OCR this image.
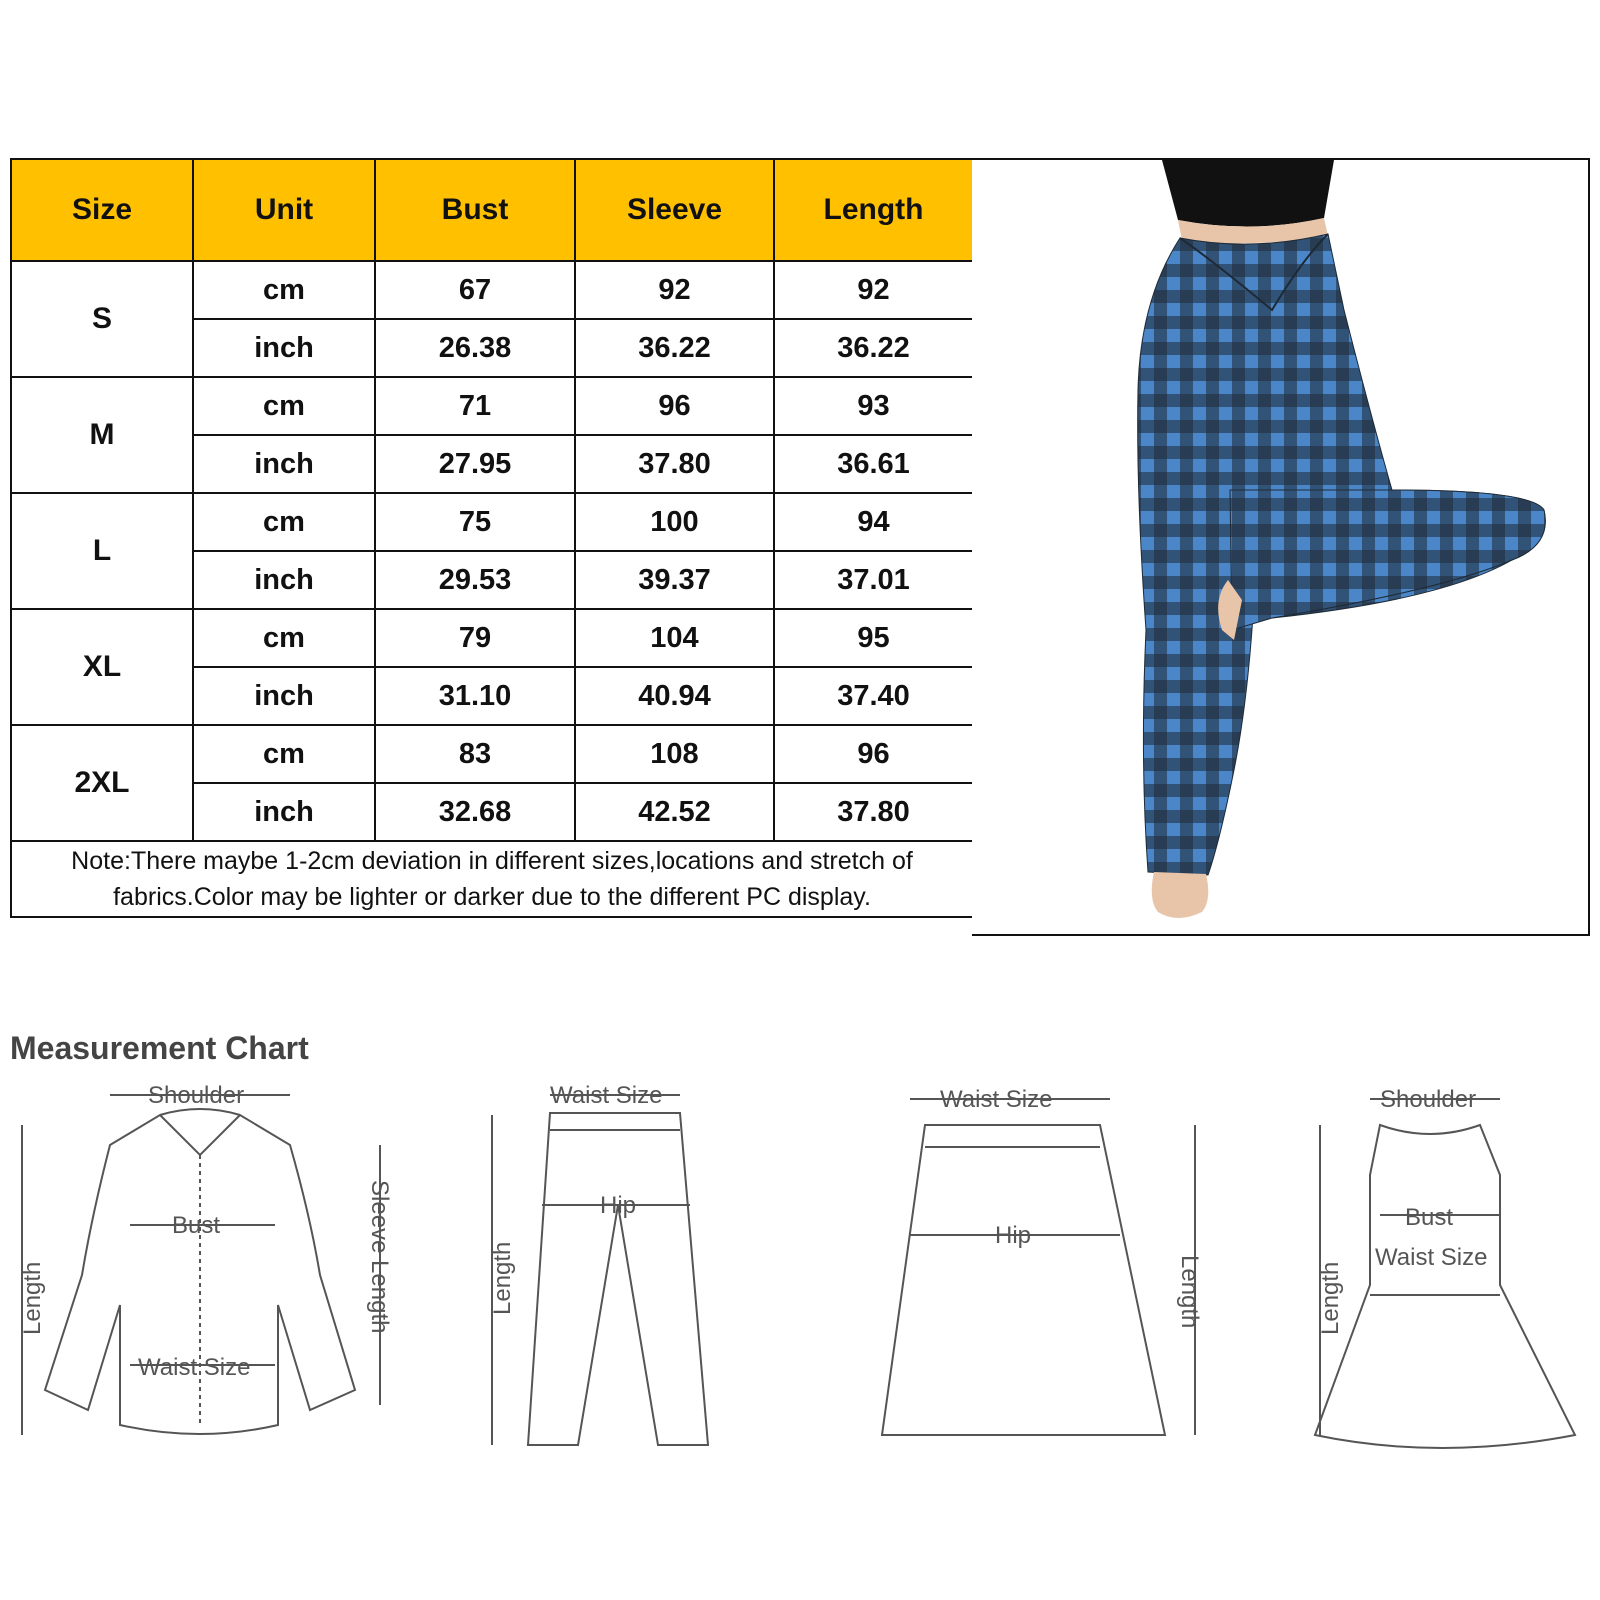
Size	Unit	Bust	Sleeve	Length
S	cm	67	92	92
	inch	26.38	36.22	36.22
M	cm	71	96	93
	inch	27.95	37.80	36.61
L	cm	75	100	94
	inch	29.53	39.37	37.01
XL	cm	79	104	95
	inch	31.10	40.94	37.40
2XL	cm	83	108	96
	inch	32.68	42.52	37.80
Note:There maybe 1-2cm deviation in different sizes,locations and stretch of fabrics.Color may be lighter or darker due to the different PC display.				
Measurement Chart
Shoulder
Bust
Waist Size
Length	Sleeve Length
Waist Size
Hip
Length
Waist Size
Hip
Length
Shoulder
Bust
Waist Size
Length
